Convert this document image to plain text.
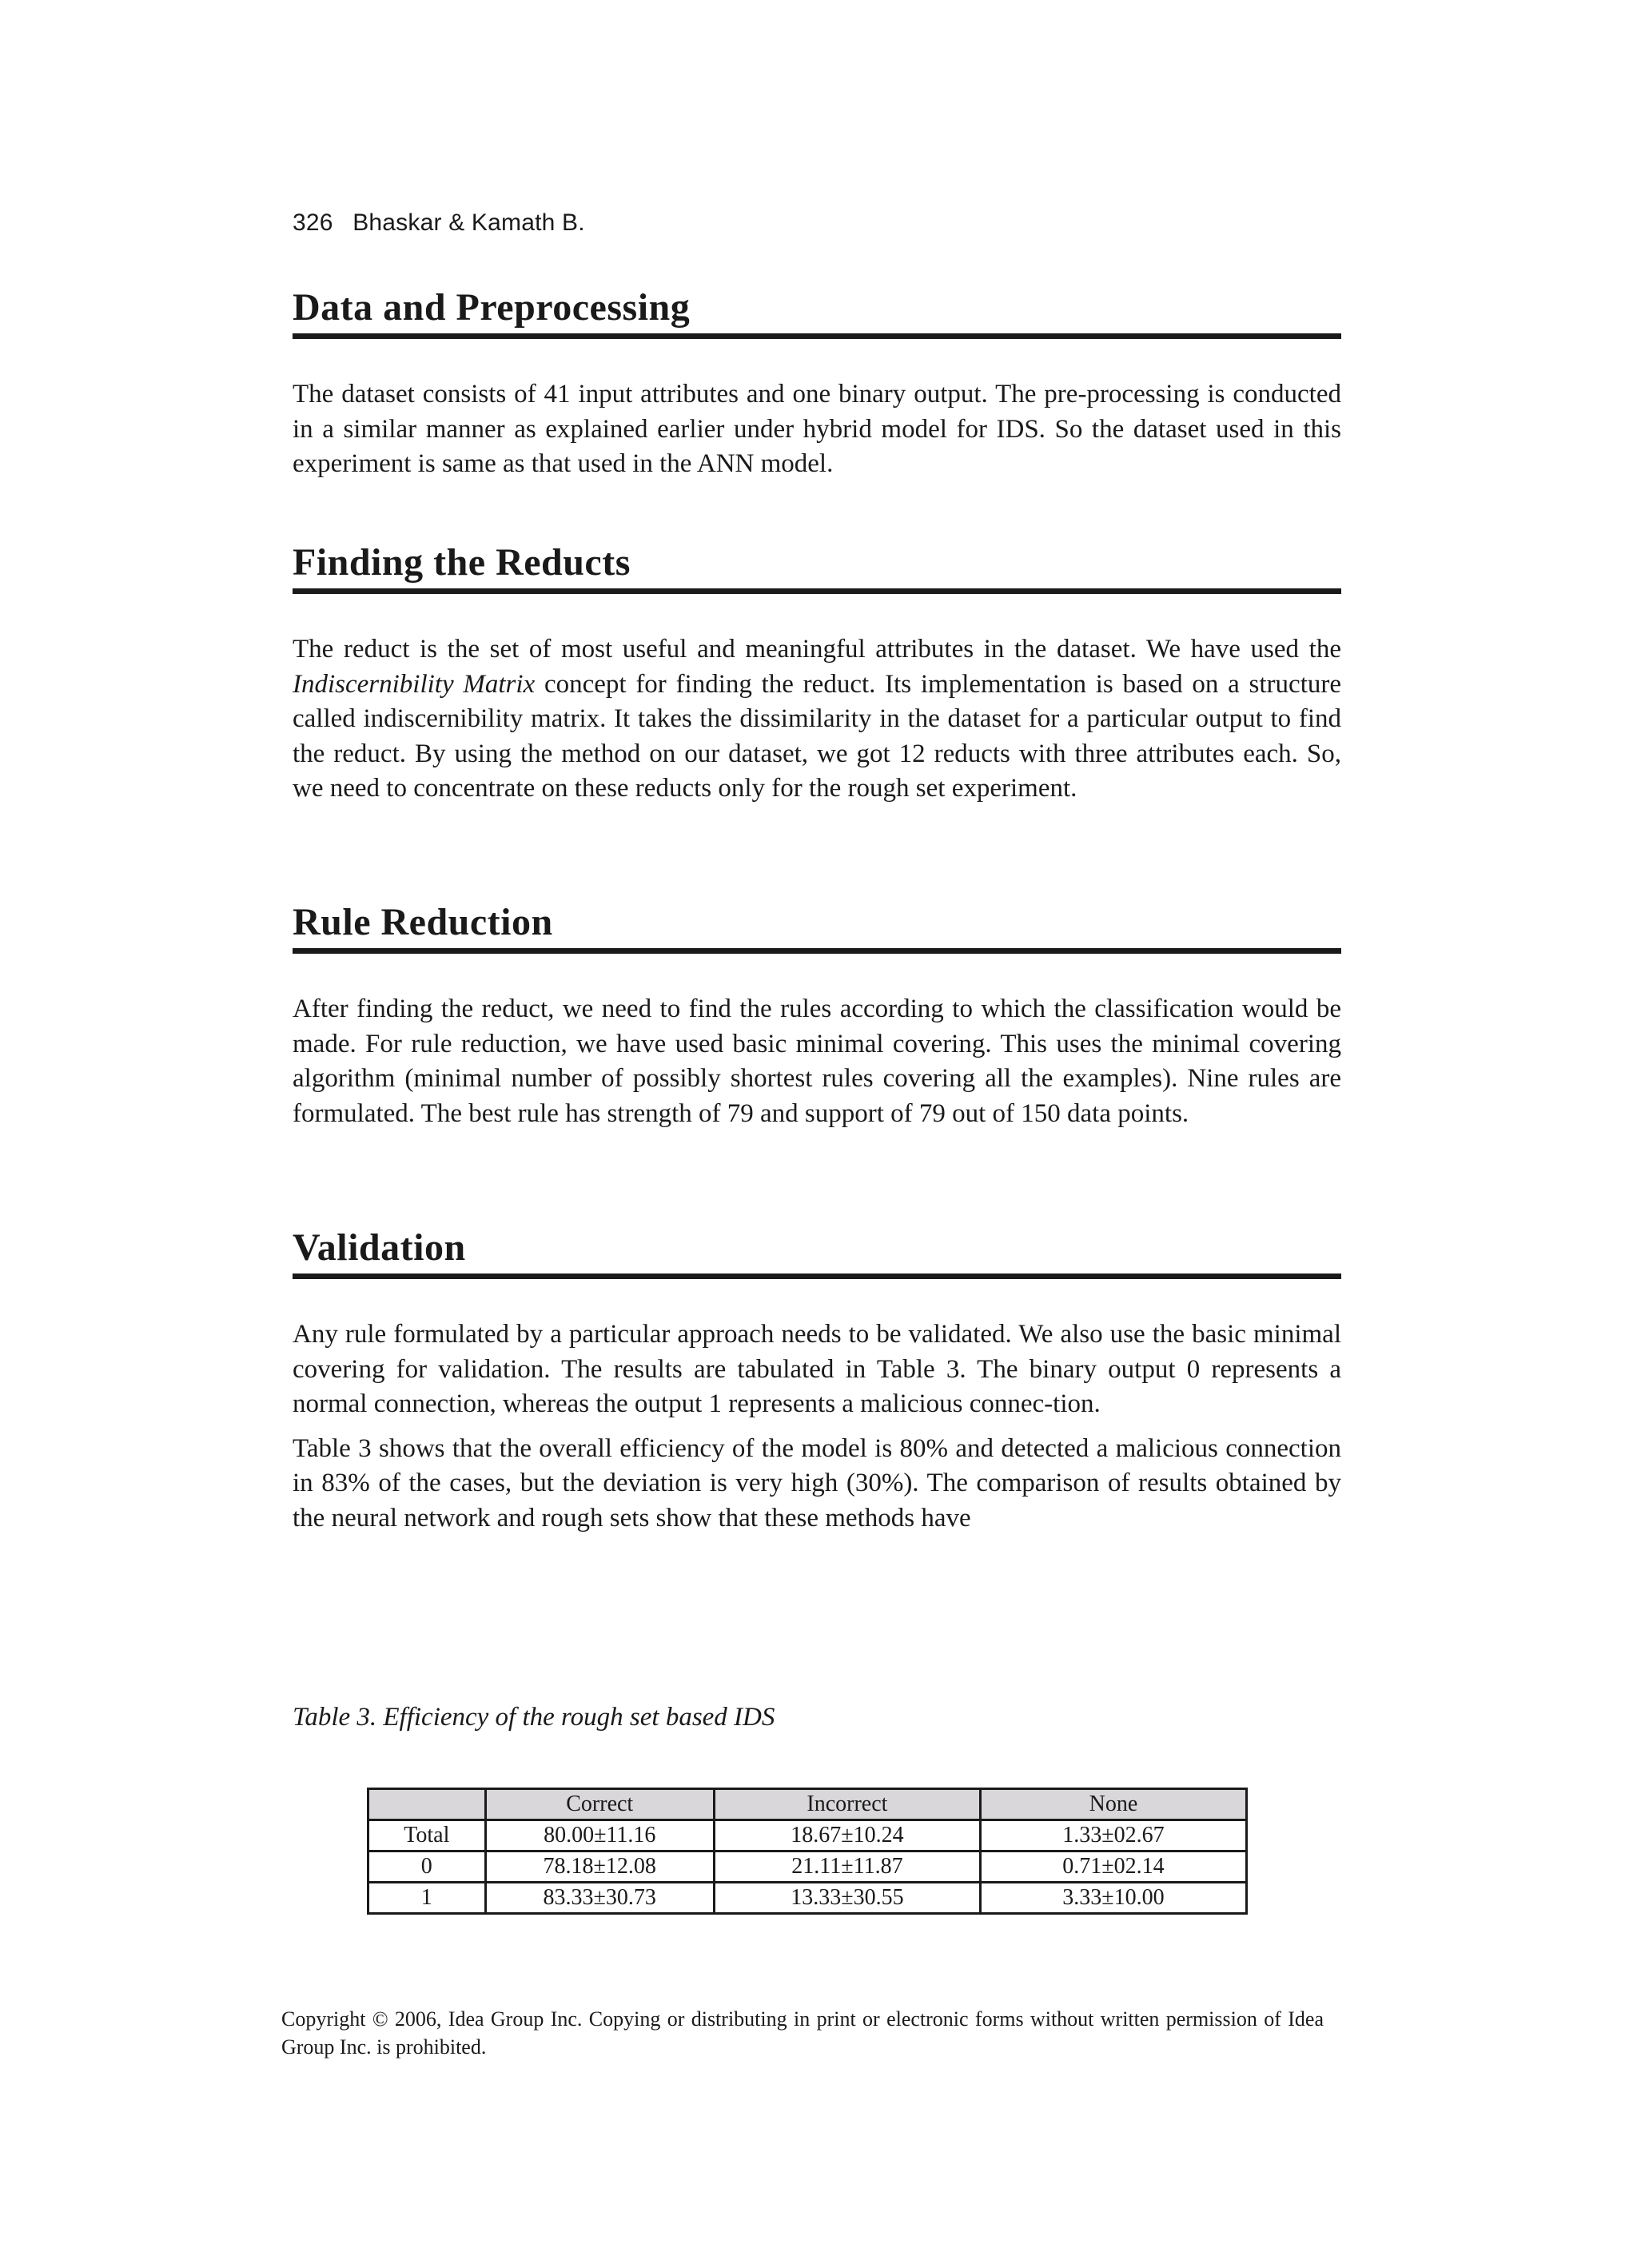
326 Bhaskar & Kamath B.
Data and Preprocessing

The dataset consists of 41 input attributes and one binary output. The pre-processing is conducted in a similar manner as explained earlier under hybrid model for IDS. So the dataset used in this experiment is same as that used in the ANN model.

Finding the Reducts

The reduct is the set of most useful and meaningful attributes in the dataset. We have used the Indiscernibility Matrix concept for finding the reduct. Its implementation is based on a structure called indiscernibility matrix. It takes the dissimilarity in the dataset for a particular output to find the reduct. By using the method on our dataset, we got 12 reducts with three attributes each. So, we need to concentrate on these reducts only for the rough set experiment.

Rule Reduction

After finding the reduct, we need to find the rules according to which the classification would be made. For rule reduction, we have used basic minimal covering. This uses the minimal covering algorithm (minimal number of possibly shortest rules covering all the examples). Nine rules are formulated. The best rule has strength of 79 and support of 79 out of 150 data points.

Validation

Any rule formulated by a particular approach needs to be validated. We also use the basic minimal covering for validation. The results are tabulated in Table 3. The binary output 0 represents a normal connection, whereas the output 1 represents a malicious connec-tion.

Table 3 shows that the overall efficiency of the model is 80% and detected a malicious connection in 83% of the cases, but the deviation is very high (30%). The comparison of results obtained by the neural network and rough sets show that these methods have

Table 3. Efficiency of the rough set based IDS
	Correct	Incorrect	None
Total	80.00±11.16	18.67±10.24	1.33±02.67
0	78.18±12.08	21.11±11.87	0.71±02.14
1	83.33±30.73	13.33±30.55	3.33±10.00
Copyright © 2006, Idea Group Inc. Copying or distributing in print or electronic forms without written permission of Idea Group Inc. is prohibited.
